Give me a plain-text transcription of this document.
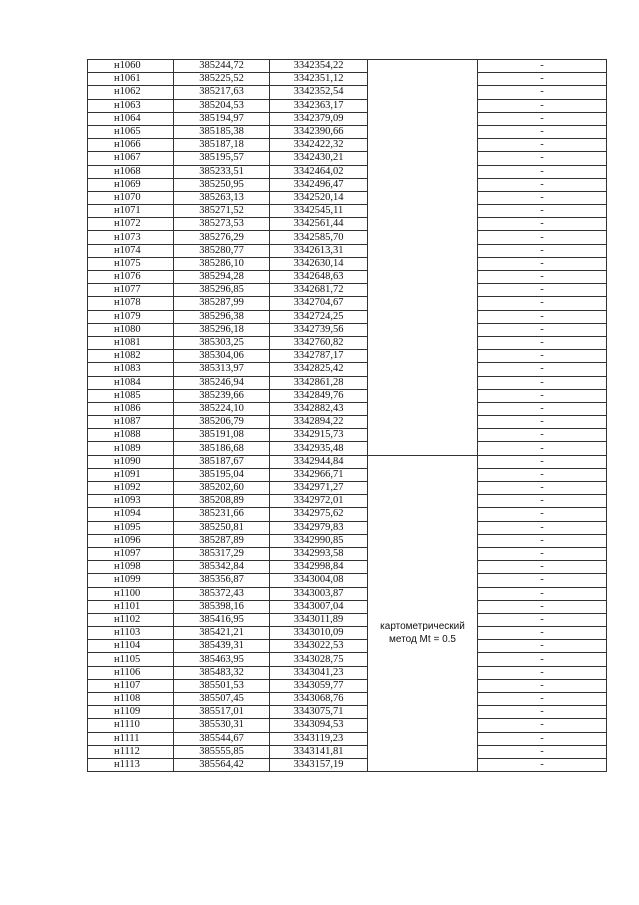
н1060	385244,72	3342354,22		-
н1061	385225,52	3342351,12		-
н1062	385217,63	3342352,54		-
н1063	385204,53	3342363,17		-
н1064	385194,97	3342379,09		-
н1065	385185,38	3342390,66		-
н1066	385187,18	3342422,32		-
н1067	385195,57	3342430,21		-
н1068	385233,51	3342464,02		-
н1069	385250,95	3342496,47		-
н1070	385263,13	3342520,14		-
н1071	385271,52	3342545,11		-
н1072	385273,53	3342561,44		-
н1073	385276,29	3342585,70		-
н1074	385280,77	3342613,31		-
н1075	385286,10	3342630,14		-
н1076	385294,28	3342648,63		-
н1077	385296,85	3342681,72		-
н1078	385287,99	3342704,67		-
н1079	385296,38	3342724,25		-
н1080	385296,18	3342739,56		-
н1081	385303,25	3342760,82		-
н1082	385304,06	3342787,17		-
н1083	385313,97	3342825,42		-
н1084	385246,94	3342861,28		-
н1085	385239,66	3342849,76		-
н1086	385224,10	3342882,43		-
н1087	385206,79	3342894,22		-
н1088	385191,08	3342915,73		-
н1089	385186,68	3342935,48		-
н1090	385187,67	3342944,84	картометрический метод Mt = 0.5	-
н1091	385195,04	3342966,71		-
н1092	385202,60	3342971,27		-
н1093	385208,89	3342972,01		-
н1094	385231,66	3342975,62		-
н1095	385250,81	3342979,83		-
н1096	385287,89	3342990,85		-
н1097	385317,29	3342993,58		-
н1098	385342,84	3342998,84		-
н1099	385356,87	3343004,08		-
н1100	385372,43	3343003,87		-
н1101	385398,16	3343007,04		-
н1102	385416,95	3343011,89		-
н1103	385421,21	3343010,09		-
н1104	385439,31	3343022,53		-
н1105	385463,95	3343028,75		-
н1106	385483,32	3343041,23		-
н1107	385501,53	3343059,77		-
н1108	385507,45	3343068,76		-
н1109	385517,01	3343075,71		-
н1110	385530,31	3343094,53		-
н1111	385544,67	3343119,23		-
н1112	385555,85	3343141,81		-
н1113	385564,42	3343157,19		-
